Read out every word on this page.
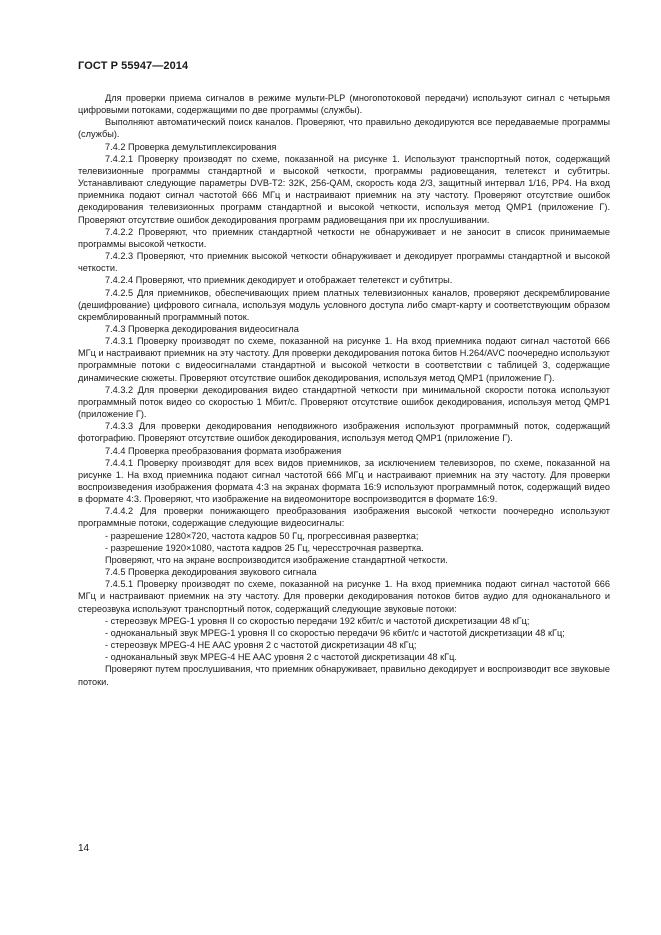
ГОСТ Р 55947—2014

Для проверки приема сигналов в режиме мульти-PLP (многопотоковой передачи) используют сигнал с четырьмя цифровыми потоками, содержащими по две программы (службы).

Выполняют автоматический поиск каналов. Проверяют, что правильно декодируются все передаваемые программы (службы).

7.4.2 Проверка демультиплексирования

7.4.2.1 Проверку производят по схеме, показанной на рисунке 1. Используют транспортный поток, содержащий телевизионные программы стандартной и высокой четкости, программы радиовещания, телетекст и субтитры. Устанавливают следующие параметры DVB-T2: 32K, 256-QAM, скорость кода 2/3, защитный интервал 1/16, PP4. На вход приемника подают сигнал частотой 666 МГц и настраивают приемник на эту частоту. Проверяют отсутствие ошибок декодирования телевизионных программ стандартной и высокой четкости, используя метод QMP1 (приложение Г). Проверяют отсутствие ошибок декодирования программ радиовещания при их прослушивании.

7.4.2.2 Проверяют, что приемник стандартной четкости не обнаруживает и не заносит в список принимаемые программы высокой четкости.

7.4.2.3 Проверяют, что приемник высокой четкости обнаруживает и декодирует программы стандартной и высокой четкости.

7.4.2.4 Проверяют, что приемник декодирует и отображает телетекст и субтитры.

7.4.2.5 Для приемников, обеспечивающих прием платных телевизионных каналов, проверяют дескремблирование (дешифрование) цифрового сигнала, используя модуль условного доступа либо смарт-карту и соответствующим образом скремблированный программный поток.

7.4.3 Проверка декодирования видеосигнала

7.4.3.1 Проверку производят по схеме, показанной на рисунке 1. На вход приемника подают сигнал частотой 666 МГц и настраивают приемник на эту частоту. Для проверки декодирования потока битов H.264/AVC поочередно используют программные потоки с видеосигналами стандартной и высокой четкости в соответствии с таблицей 3, содержащие динамические сюжеты. Проверяют отсутствие ошибок декодирования, используя метод QMP1 (приложение Г).

7.4.3.2 Для проверки декодирования видео стандартной четкости при минимальной скорости потока используют программный поток видео со скоростью 1 Мбит/с. Проверяют отсутствие ошибок декодирования, используя метод QMP1 (приложение Г).

7.4.3.3 Для проверки декодирования неподвижного изображения используют программный поток, содержащий фотографию. Проверяют отсутствие ошибок декодирования, используя метод QMP1 (приложение Г).

7.4.4 Проверка преобразования формата изображения

7.4.4.1 Проверку производят для всех видов приемников, за исключением телевизоров, по схеме, показанной на рисунке 1. На вход приемника подают сигнал частотой 666 МГц и настраивают приемник на эту частоту. Для проверки воспроизведения изображения формата 4:3 на экранах формата 16:9 используют программный поток, содержащий видео в формате 4:3. Проверяют, что изображение на видеомониторе воспроизводится в формате 16:9.

7.4.4.2 Для проверки понижающего преобразования изображения высокой четкости поочередно используют программные потоки, содержащие следующие видеосигналы:

- разрешение 1280×720, частота кадров 50 Гц, прогрессивная развертка;

- разрешение 1920×1080, частота кадров 25 Гц, чересстрочная развертка.

Проверяют, что на экране воспроизводится изображение стандартной четкости.

7.4.5 Проверка декодирования звукового сигнала

7.4.5.1 Проверку производят по схеме, показанной на рисунке 1. На вход приемника подают сигнал частотой 666 МГц и настраивают приемник на эту частоту. Для проверки декодирования потоков битов аудио для одноканального и стереозвука используют транспортный поток, содержащий следующие звуковые потоки:

- стереозвук MPEG-1 уровня II со скоростью передачи 192 кбит/с и частотой дискретизации 48 кГц;

- одноканальный звук MPEG-1 уровня II со скоростью передачи 96 кбит/с и частотой дискретизации 48 кГц;

- стереозвук MPEG-4 HE AAC уровня 2 с частотой дискретизации 48 кГц;

- одноканальный звук MPEG-4 HE AAC уровня 2 с частотой дискретизации 48 кГц.

Проверяют путем прослушивания, что приемник обнаруживает, правильно декодирует и воспроизводит все звуковые потоки.

14
